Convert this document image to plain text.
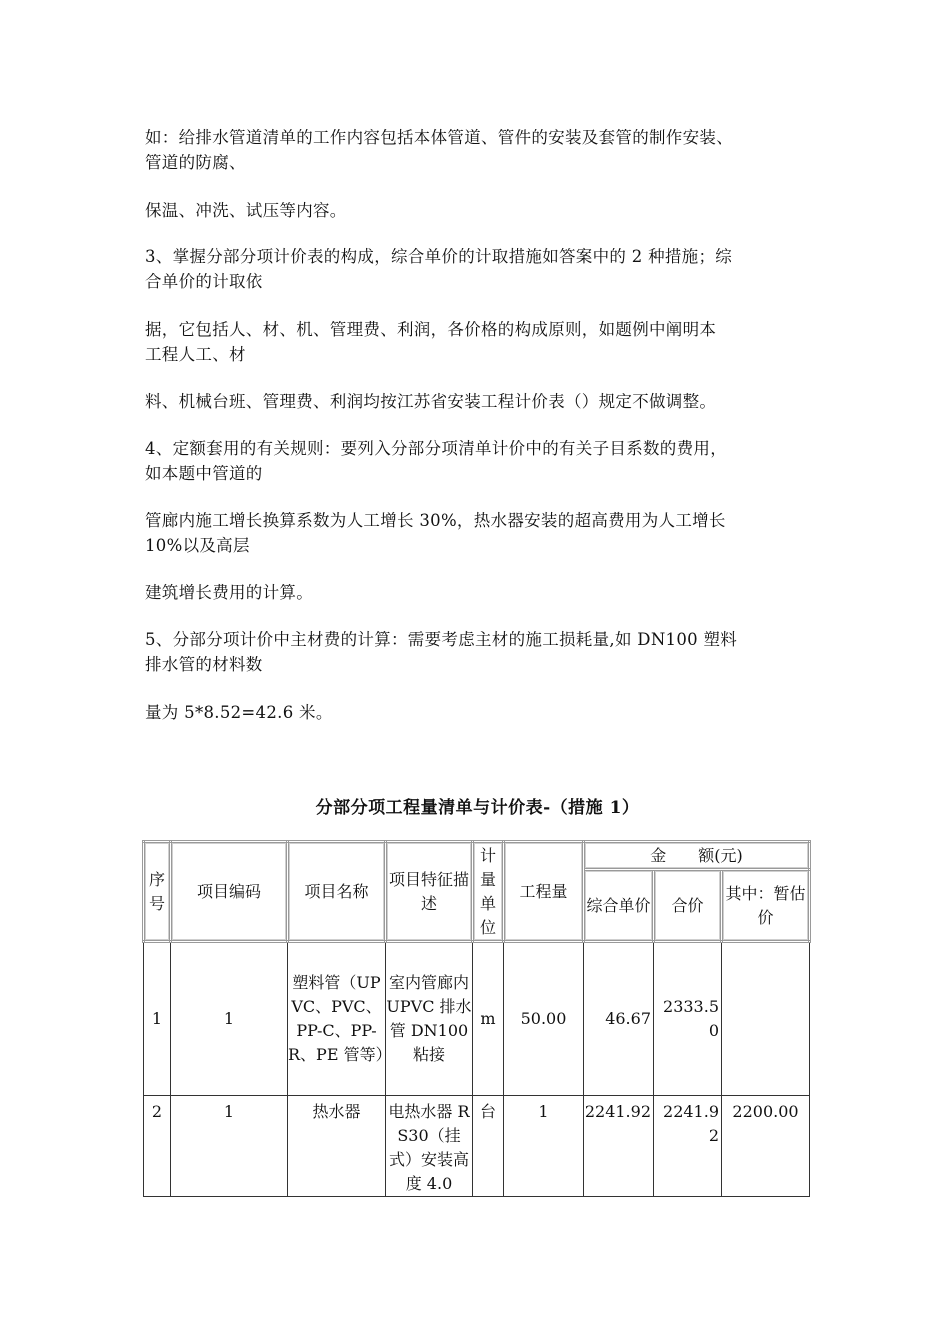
如：给排水管道清单的工作内容包括本体管道、管件的安装及套管的制作安装、
管道的防腐、

保温、冲洗、试压等内容。

3、掌握分部分项计价表的构成，综合单价的计取措施如答案中的 2 种措施；综
合单价的计取依

据，它包括人、材、机、管理费、利润，各价格的构成原则，如题例中阐明本
工程人工、材

料、机械台班、管理费、利润均按江苏省安装工程计价表（）规定不做调整。

4、定额套用的有关规则：要列入分部分项清单计价中的有关子目系数的费用，
如本题中管道的

管廊内施工增长换算系数为人工增长 30%，热水器安装的超高费用为人工增长
10%以及高层

建筑增长费用的计算。

5、分部分项计价中主材费的计算：需要考虑主材的施工损耗量,如 DN100 塑料
排水管的材料数

量为 5*8.52=42.6 米。

分部分项工程量清单与计价表-（措施 1）
序号	项目编码	项目名称	项目特征描述	计量单位	工程量	金　　额(元)		
						综合单价	合价	其中：暂估价
1	1	塑料管（UPVC、PVC、PP-C、PP-R、PE 管等）	室内管廊内 UPVC 排水管 DN100 粘接	m	50.00	46.67	2333.50	
2	1	热水器	电热水器 RS30（挂式）安装高度 4.0	台	1	2241.92	2241.92	2200.00
